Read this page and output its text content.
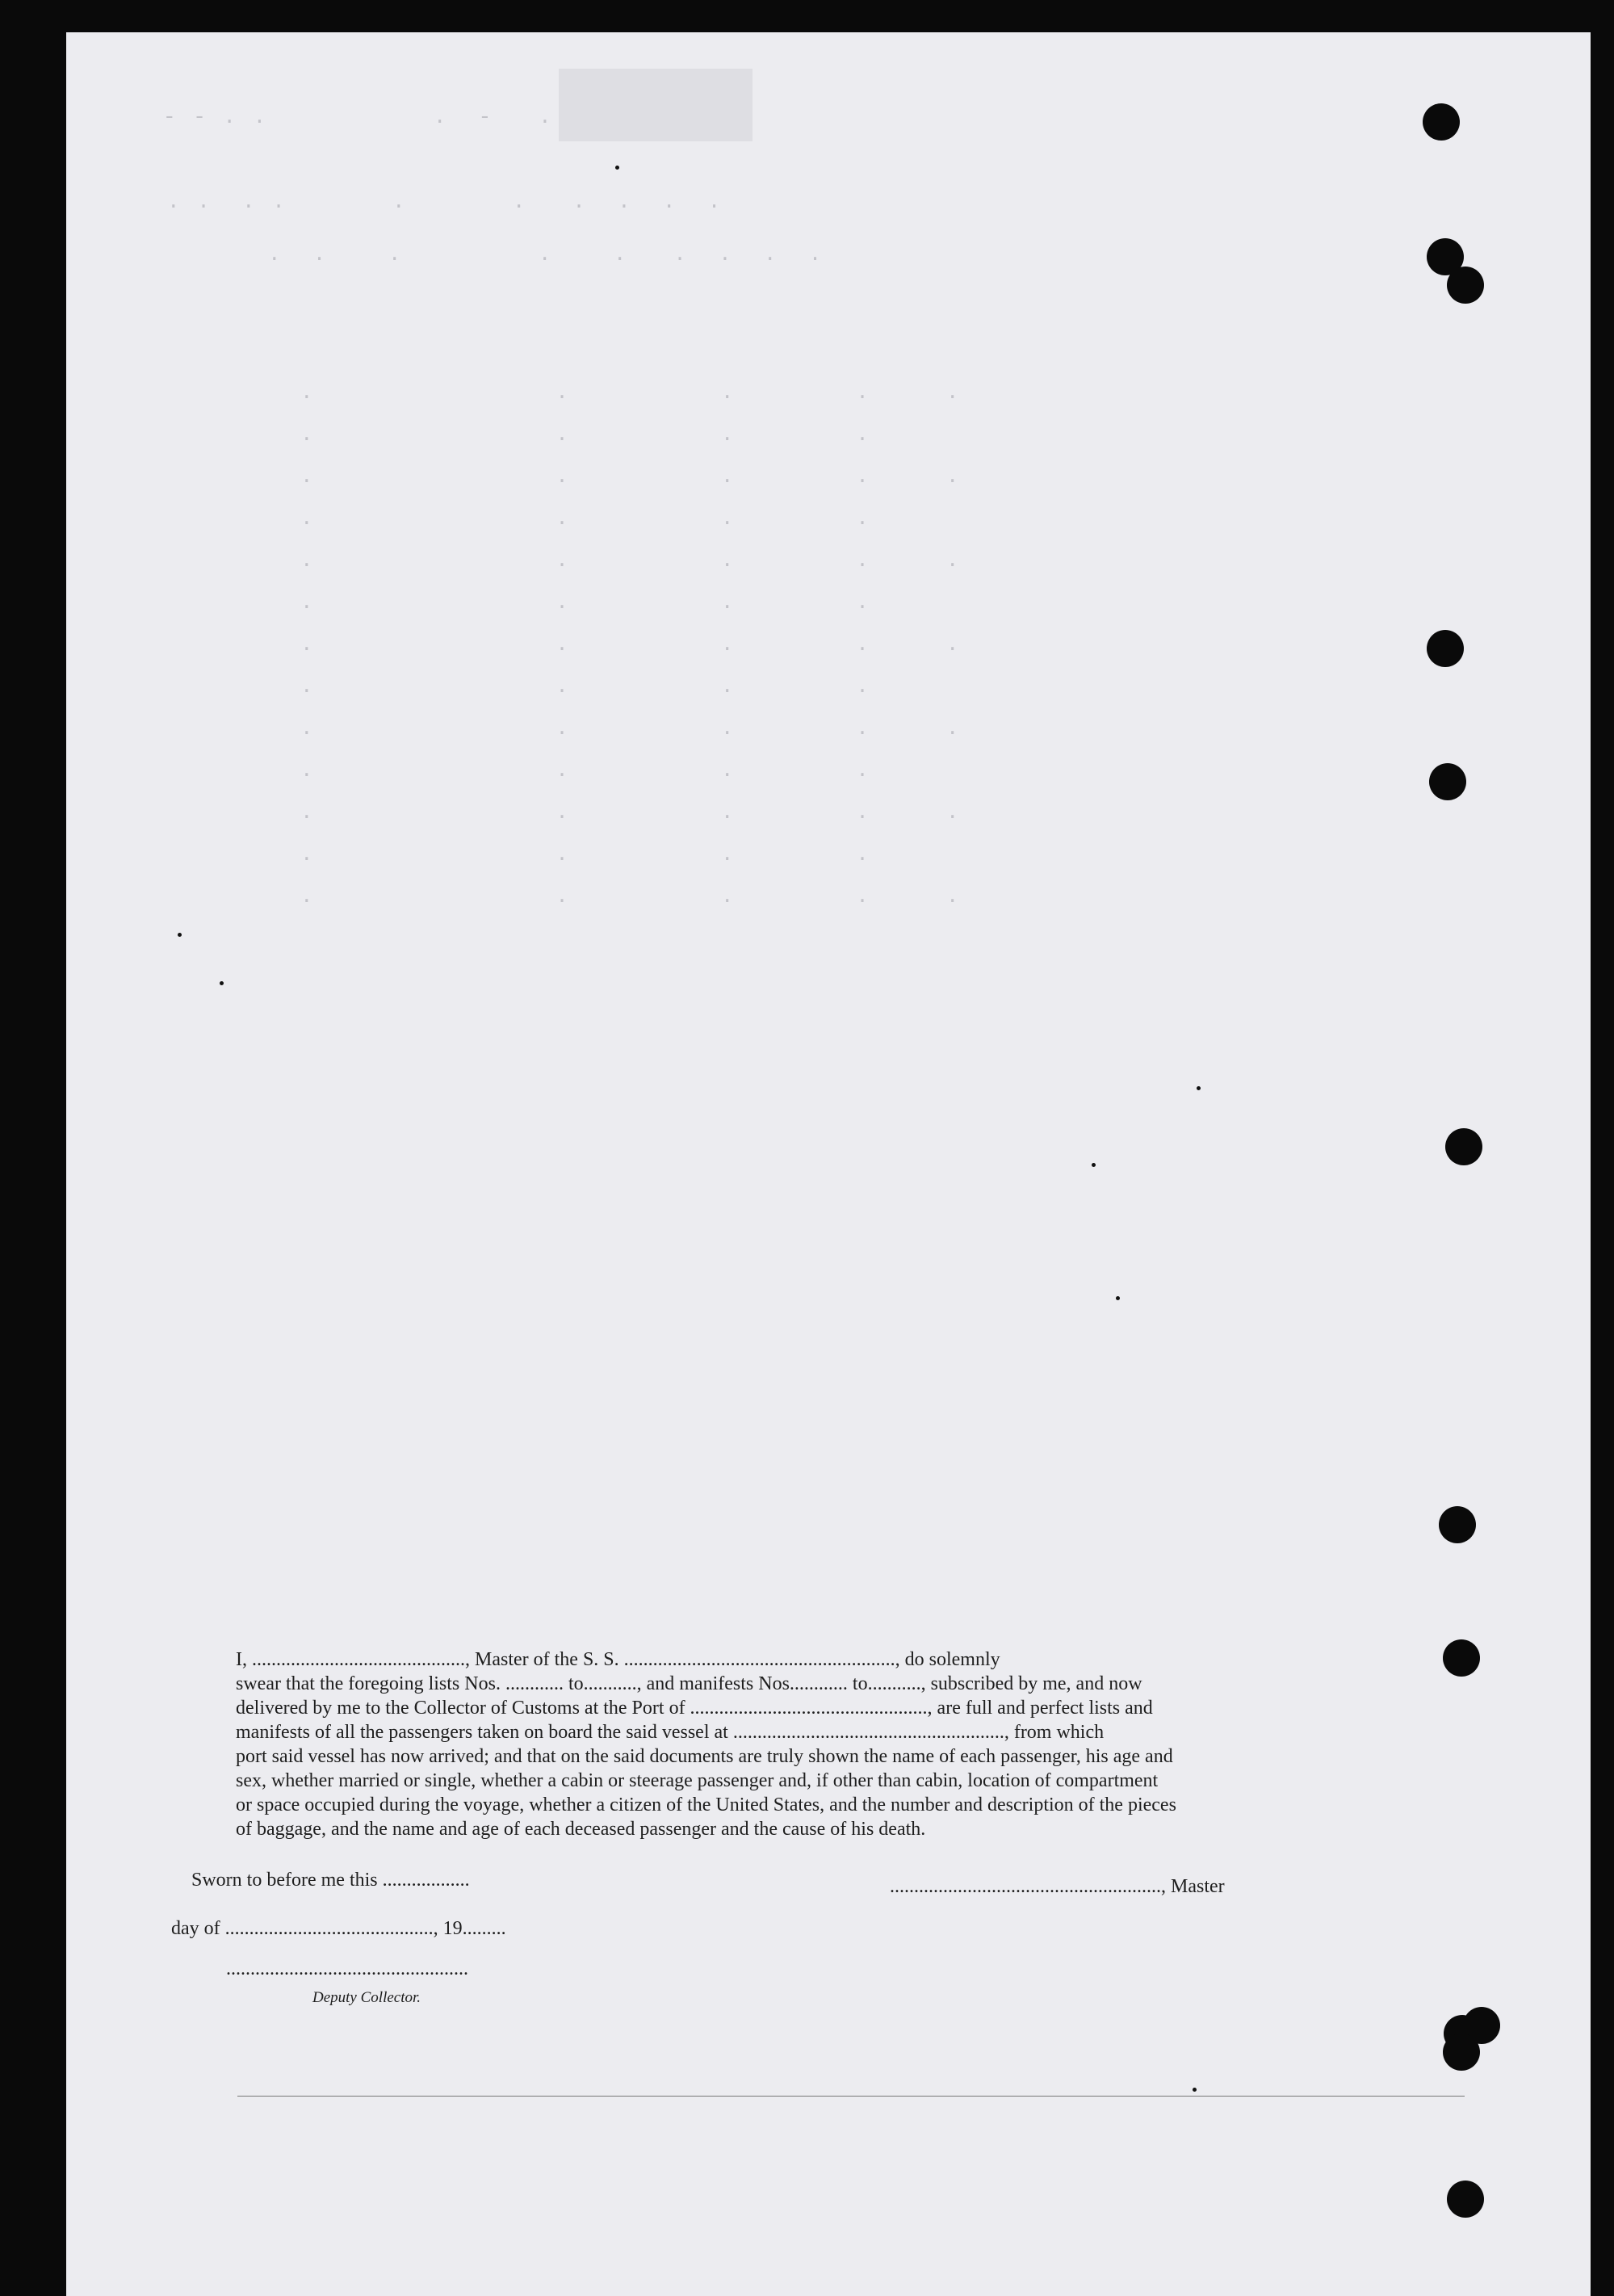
- - . .           .  -   .
. .  . .       .       .   .  .  .  .
.  .    .         .    .   .  .  .  .
.                .          .        .     .
.                .          .        .
.                .          .        .     .
.                .          .        .
.                .          .        .     .
.                .          .        .
.                .          .        .     .
.                .          .        .
.                .          .        .     .
.                .          .        .
.                .          .        .     .
.                .          .        .
.                .          .        .     .
I, ............................................, Master of the S. S. ........................................................, do solemnly
swear that the foregoing lists Nos. ............ to..........., and manifests Nos............ to..........., subscribed by me, and now
delivered by me to the Collector of Customs at the Port of ................................................., are full and perfect lists and
manifests of all the passengers taken on board the said vessel at ........................................................, from which
port said vessel has now arrived; and that on the said documents are truly shown the name of each passenger, his age and
sex, whether married or single, whether a cabin or steerage passenger and, if other than cabin, location of compartment
or space occupied during the voyage, whether a citizen of the United States, and the number and description of the pieces
of baggage, and the name and age of each deceased passenger and the cause of his death.
Sworn to before me this ..................	........................................................, Master
day of ..........................................., 19.........
..................................................
Deputy Collector.
